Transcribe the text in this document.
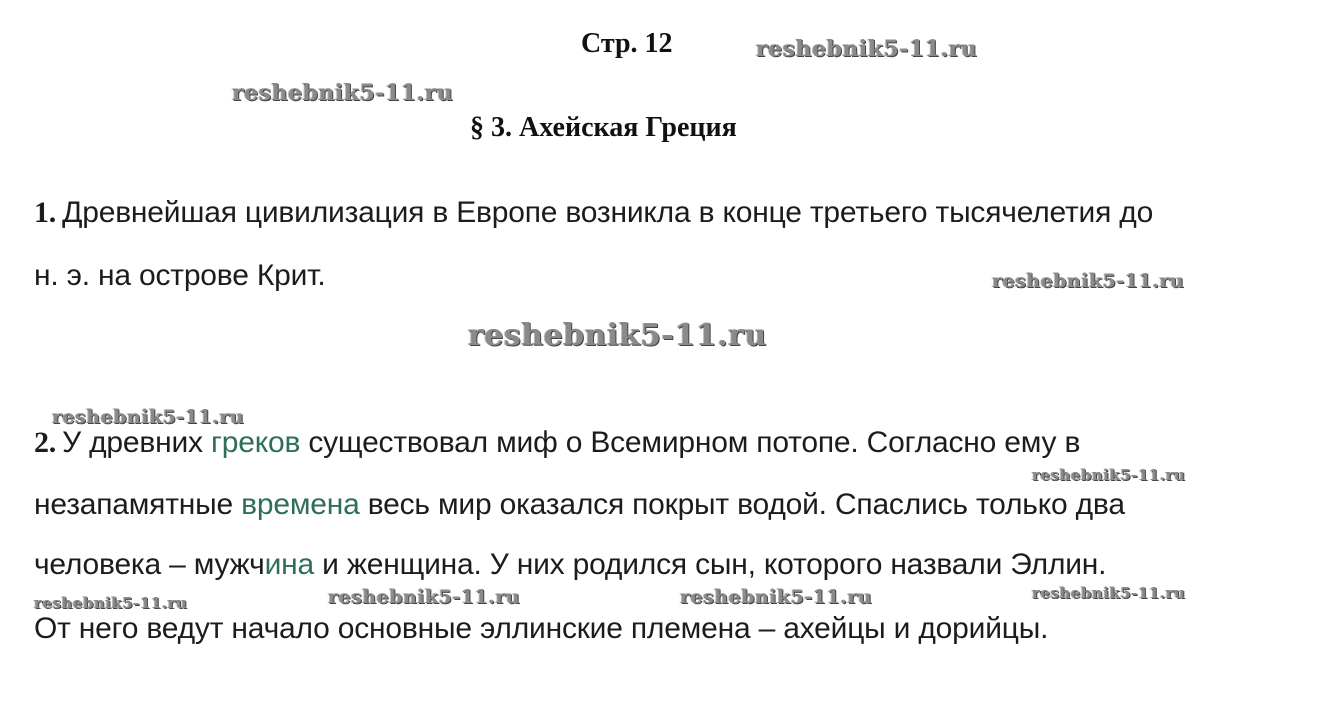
Стр. 12
§ 3. Ахейская Греция
1. Древнейшая цивилизация в Европе возникла в конце третьего тысячелетия до
н. э. на острове Крит.
2. У древних греков существовал миф о Всемирном потопе. Согласно ему в
незапамятные времена весь мир оказался покрыт водой. Спаслись только два
человека – мужчина и женщина. У них родился сын, которого назвали Эллин.
От него ведут начало основные эллинские племена – ахейцы и дорийцы.
reshebnik5-11.ru
reshebnik5-11.ru
reshebnik5-11.ru
reshebnik5-11.ru
reshebnik5-11.ru
reshebnik5-11.ru
reshebnik5-11.ru	reshebnik5-11.ru	reshebnik5-11.ru	reshebnik5-11.ru
